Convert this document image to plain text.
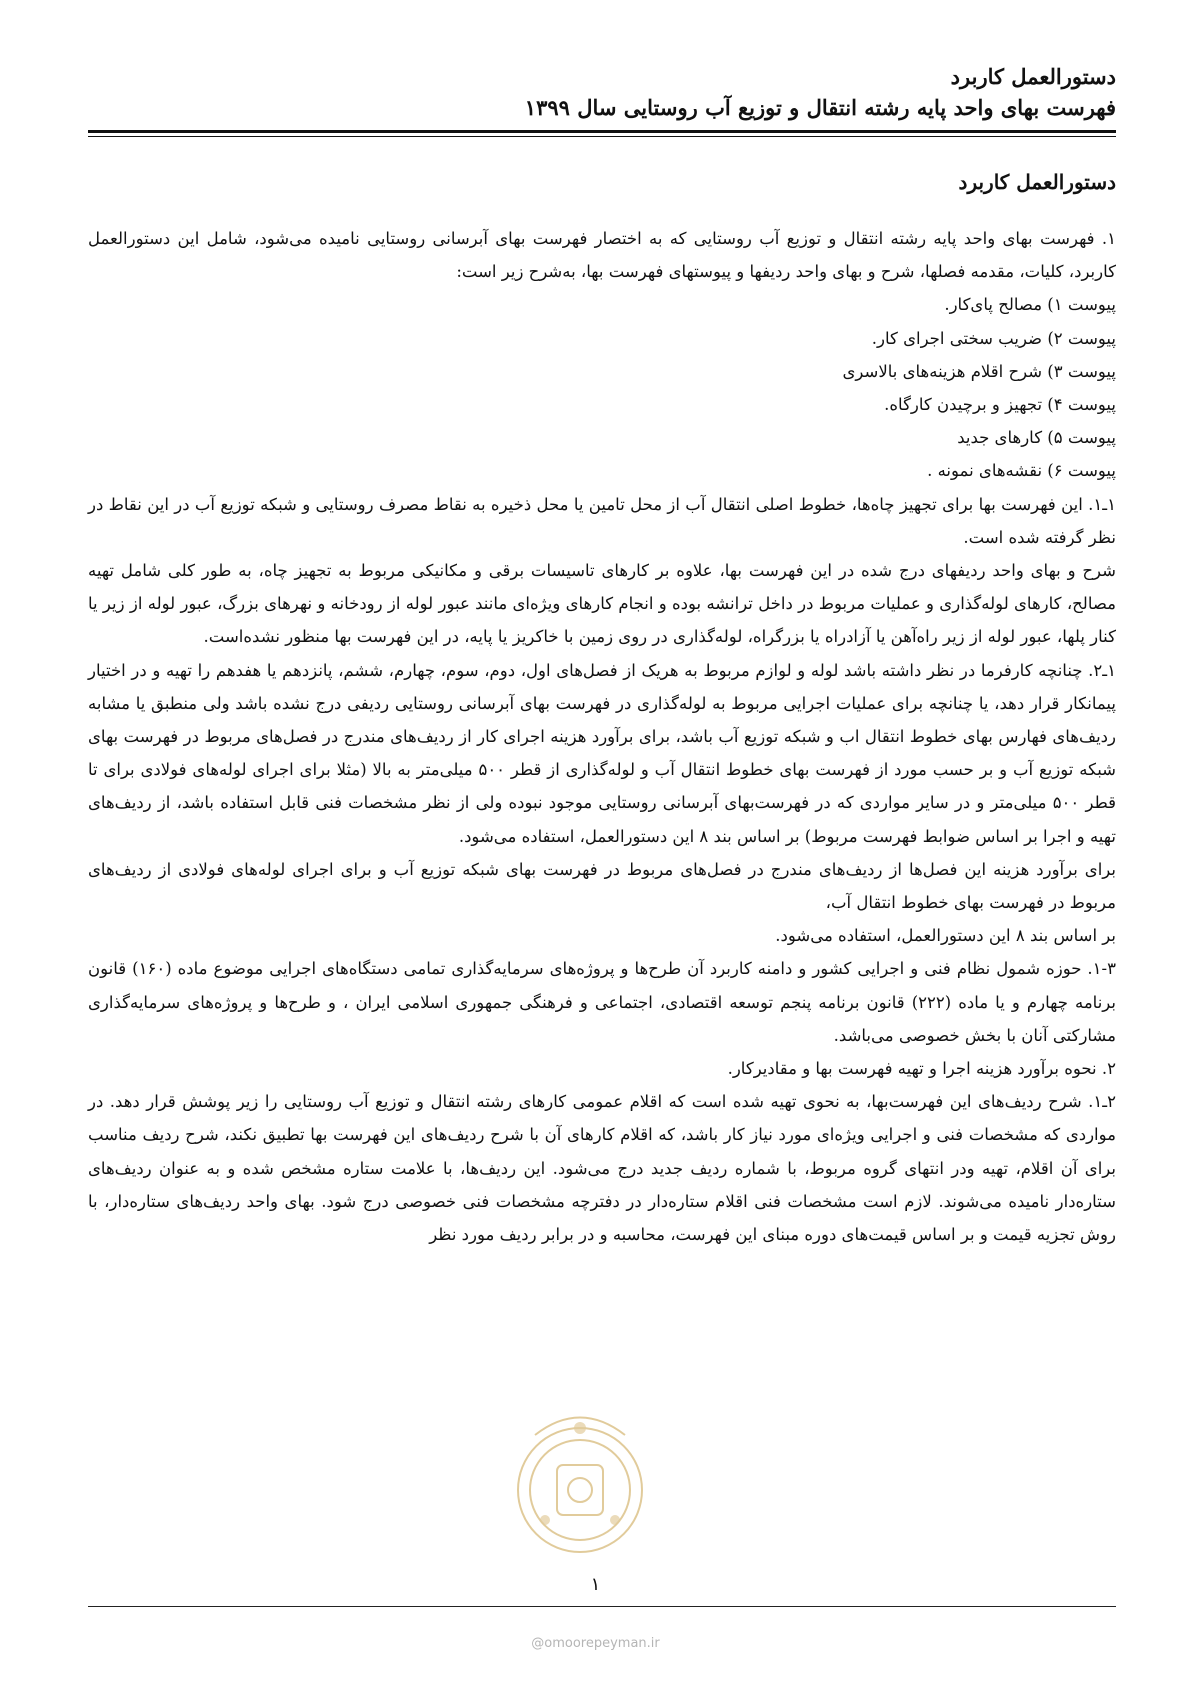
دستورالعمل کاربرد
فهرست بهای واحد پایه رشته انتقال و توزیع آب روستایی سال ۱۳۹۹
دستورالعمل کاربرد

۱. فهرست بهای واحد پایه رشته انتقال و توزیع آب روستایی که به اختصار فهرست بهای آبرسانی روستایی نامیده می‌شود، شامل این دستورالعمل کاربرد، کلیات، مقدمه فصلها، شرح و بهای واحد ردیفها و پیوستهای فهرست بها، به‌شرح زیر است:

پیوست ۱) مصالح پای‌کار.

پیوست ۲) ضریب سختی اجرای کار.

پیوست ۳) شرح اقلام هزینه‌های بالاسری

پیوست ۴) تجهیز و برچیدن کارگاه.

پیوست ۵) کارهای جدید

پیوست ۶) نقشه‌های نمونه .

۱ـ۱. این فهرست بها برای تجهیز چاه‌ها، خطوط اصلی انتقال آب از محل تامین یا محل ذخیره به نقاط مصرف روستایی و شبکه توزیع آب در این نقاط در نظر گرفته شده است.

شرح و بهای واحد ردیفهای درج شده در این فهرست بها، علاوه بر کارهای تاسیسات برقی و مکانیکی مربوط به تجهیز چاه، به طور کلی شامل تهیه مصالح، کارهای لوله‌گذاری و عملیات مربوط در داخل ترانشه بوده و انجام کارهای ویژه‌ای مانند عبور لوله از رودخانه و نهرهای بزرگ، عبور لوله از زیر یا کنار پلها، عبور لوله از زیر راه‌آهن یا آزادراه یا بزرگراه، لوله‌گذاری در روی زمین با خاکریز یا پایه، در این فهرست بها منظور نشده‌است.

۱ـ۲. چنانچه کارفرما در نظر داشته باشد لوله و لوازم مربوط به هریک از فصل‌های اول، دوم، سوم، چهارم، ششم، پانزدهم یا هفدهم را تهیه و در اختیار پیمانکار قرار دهد، یا چنانچه برای عملیات اجرایی مربوط به لوله‌گذاری در فهرست بهای آبرسانی روستایی ردیفی درج نشده باشد ولی منطبق یا مشابه ردیف‌های فهارس بهای خطوط انتقال اب و شبکه توزیع آب باشد، برای برآورد هزینه اجرای کار از ردیف‌های مندرج در فصل‌های مربوط در فهرست بهای شبکه توزیع آب و بر حسب مورد از فهرست بهای خطوط انتقال آب و لوله‌گذاری از قطر ۵۰۰ میلی‌متر به بالا (مثلا برای اجرای لوله‌های فولادی برای تا قطر ۵۰۰ میلی‌متر و در سایر مواردی که در فهرست‌بهای آبرسانی روستایی موجود نبوده ولی از نظر مشخصات فنی قابل استفاده باشد، از ردیف‌های تهیه و اجرا بر اساس ضوابط فهرست مربوط) بر اساس بند ۸ این دستورالعمل، استفاده می‌شود.

برای برآورد هزینه این فصل‌ها از ردیف‌های مندرج در فصل‌های مربوط در فهرست بهای شبکه توزیع آب و برای اجرای لوله‌های فولادی از ردیف‌های مربوط در فهرست بهای خطوط انتقال آب،

بر اساس بند ۸ این دستورالعمل، استفاده می‌شود.

۱-۳. حوزه شمول نظام فنی و اجرایی کشور و دامنه کاربرد آن طرح‌ها و پروژه‌های سرمایه‌گذاری تمامی دستگاه‌های اجرایی موضوع ماده (۱۶۰) قانون برنامه چهارم و یا ماده (۲۲۲) قانون برنامه پنجم توسعه اقتصادی، اجتماعی و فرهنگی جمهوری اسلامی ایران ، و طرح‌ها و پروژه‌های سرمایه‌گذاری مشارکتی آنان با بخش خصوصی می‌باشد.

۲. نحوه برآورد هزینه اجرا و تهیه فهرست بها و مقادیرکار.

۲ـ۱. شرح ردیف‌های این فهرست‌بها، به نحوی تهیه شده است که اقلام عمومی کارهای رشته انتقال و توزیع آب روستایی را زیر پوشش قرار دهد. در مواردی که مشخصات فنی و اجرایی ویژه‌ای مورد نیاز کار باشد، که اقلام کارهای آن با شرح ردیف‌های این فهرست بها تطبیق نکند، شرح ردیف مناسب برای آن اقلام، تهیه ودر انتهای گروه مربوط، با شماره ردیف جدید درج می‌شود. این ردیف‌ها، با علامت ستاره مشخص شده و به عنوان ردیف‌های ستاره‌دار نامیده می‌شوند. لازم است مشخصات فنی اقلام ستاره‌دار در دفترچه مشخصات فنی خصوصی درج شود. بهای واحد ردیف‌های ستاره‌دار، با روش تجزیه قیمت و بر اساس قیمت‌های دوره مبنای این فهرست، محاسبه و در برابر ردیف مورد نظر

۱
@omoorepeyman.ir
